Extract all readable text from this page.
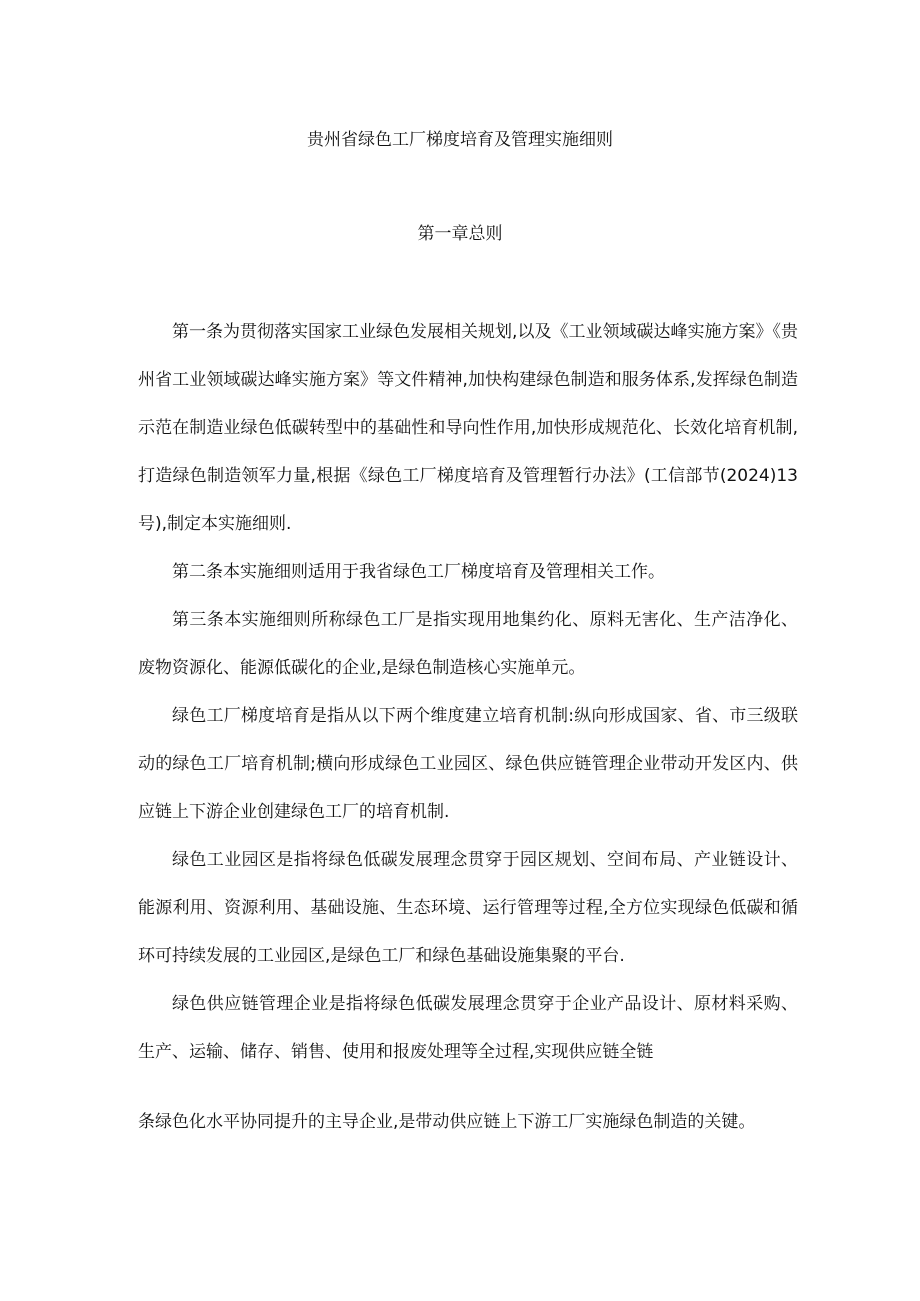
贵州省绿色工厂梯度培育及管理实施细则
第一章总则

第一条为贯彻落实国家工业绿色发展相关规划,以及《工业领域碳达峰实施方案》《贵州省工业领域碳达峰实施方案》等文件精神,加快构建绿色制造和服务体系,发挥绿色制造示范在制造业绿色低碳转型中的基础性和导向性作用,加快形成规范化、长效化培育机制,打造绿色制造领军力量,根据《绿色工厂梯度培育及管理暂行办法》(工信部节(2024)13号),制定本实施细则.

第二条本实施细则适用于我省绿色工厂梯度培育及管理相关工作。

第三条本实施细则所称绿色工厂是指实现用地集约化、原料无害化、生产洁净化、废物资源化、能源低碳化的企业,是绿色制造核心实施单元。

绿色工厂梯度培育是指从以下两个维度建立培育机制:纵向形成国家、省、市三级联动的绿色工厂培育机制;横向形成绿色工业园区、绿色供应链管理企业带动开发区内、供应链上下游企业创建绿色工厂的培育机制.

绿色工业园区是指将绿色低碳发展理念贯穿于园区规划、空间布局、产业链设计、能源利用、资源利用、基础设施、生态环境、运行管理等过程,全方位实现绿色低碳和循环可持续发展的工业园区,是绿色工厂和绿色基础设施集聚的平台.

绿色供应链管理企业是指将绿色低碳发展理念贯穿于企业产品设计、原材料采购、生产、运输、储存、销售、使用和报废处理等全过程,实现供应链全链

条绿色化水平协同提升的主导企业,是带动供应链上下游工厂实施绿色制造的关键。
